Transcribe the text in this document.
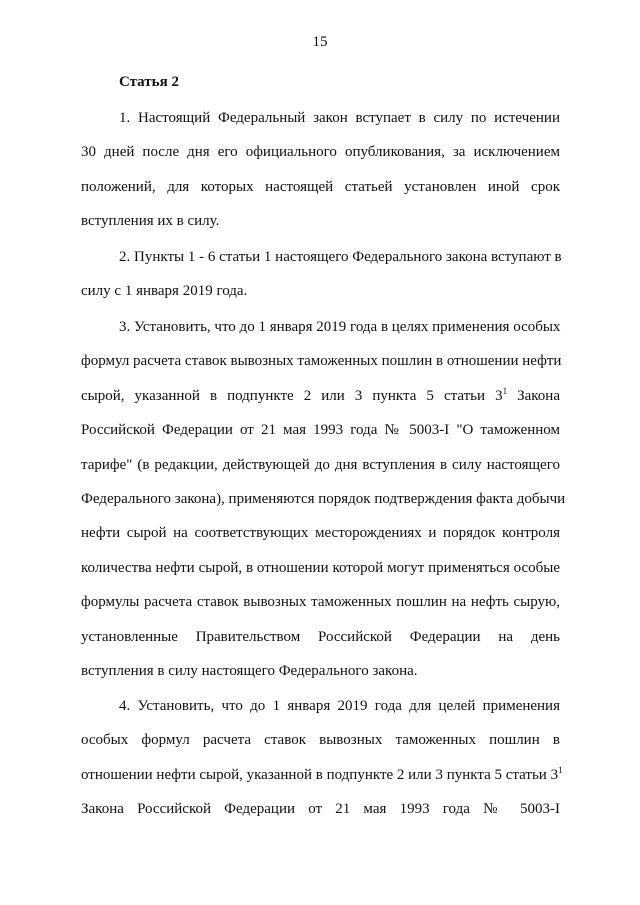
15
Статья 2
1. Настоящий Федеральный закон вступает в силу по истечении
30 дней после дня его официального опубликования, за исключением
положений, для которых настоящей статьей установлен иной срок
вступления их в силу.
2. Пункты 1 - 6 статьи 1 настоящего Федерального закона вступают в
силу с 1 января 2019 года.
3. Установить, что до 1 января 2019 года в целях применения особых
формул расчета ставок вывозных таможенных пошлин в отношении нефти
сырой, указанной в подпункте 2 или 3 пункта 5 статьи $3^1$ Закона
Российской Федерации от 21 мая 1993 года № 5003-I "О таможенном
тарифе" (в редакции, действующей до дня вступления в силу настоящего
Федерального закона), применяются порядок подтверждения факта добычи
нефти сырой на соответствующих месторождениях и порядок контроля
количества нефти сырой, в отношении которой могут применяться особые
формулы расчета ставок вывозных таможенных пошлин на нефть сырую,
установленные Правительством Российской Федерации на день
вступления в силу настоящего Федерального закона.
4. Установить, что до 1 января 2019 года для целей применения
особых формул расчета ставок вывозных таможенных пошлин в
отношении нефти сырой, указанной в подпункте 2 или 3 пункта 5 статьи $3^1$
Закона Российской Федерации от 21 мая 1993 года № 5003-I
